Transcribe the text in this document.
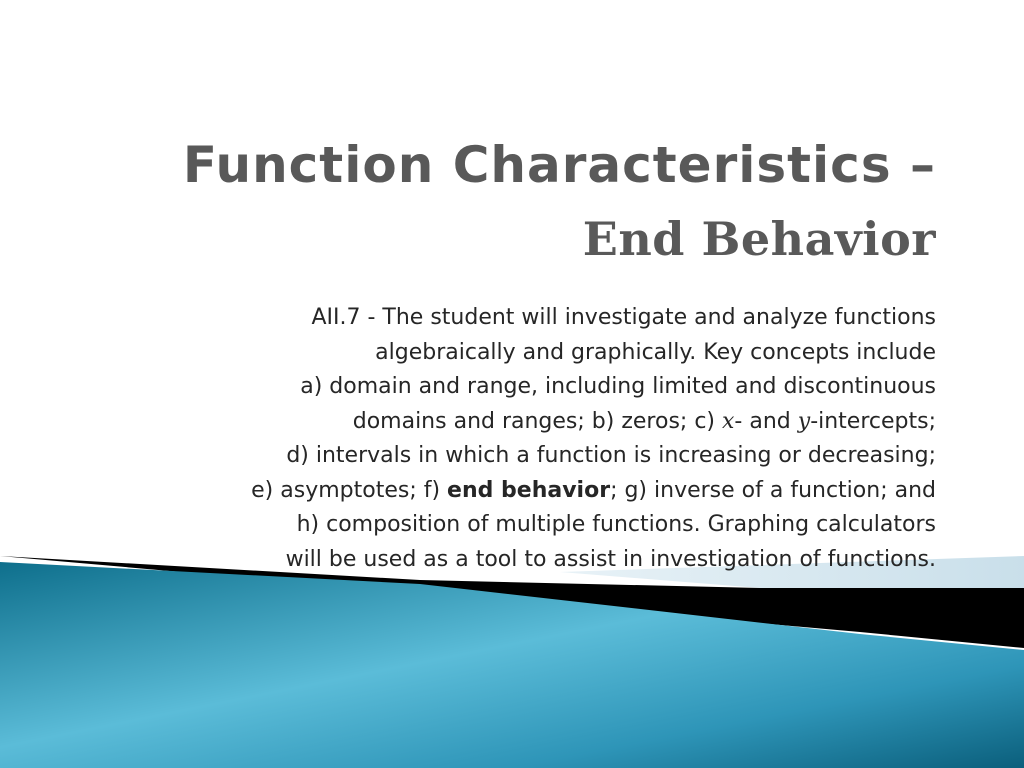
Function Characteristics –
End Behavior
AII.7 - The student will investigate and analyze functions
algebraically and graphically. Key concepts include
a) domain and range, including limited and discontinuous
domains and ranges; b) zeros; c) x- and y-intercepts;
d) intervals in which a function is increasing or decreasing;
e) asymptotes; f) end behavior; g) inverse of a function; and
h) composition of multiple functions. Graphing calculators
will be used as a tool to assist in investigation of functions.
